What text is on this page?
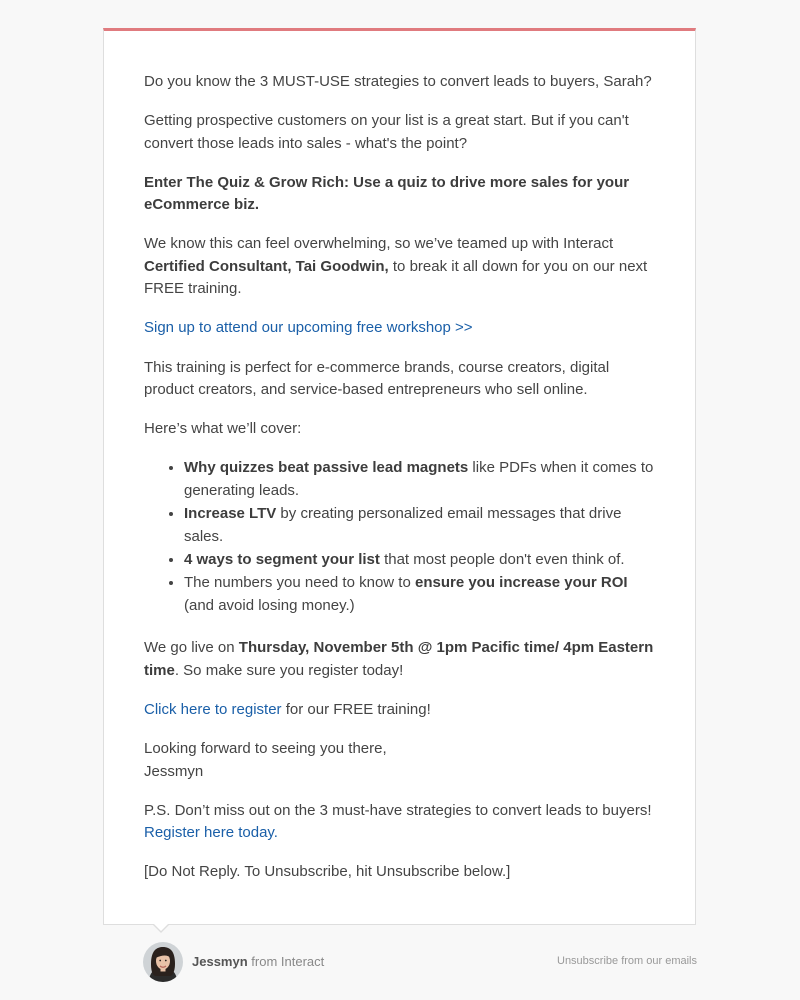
Do you know the 3 MUST-USE strategies to convert leads to buyers, Sarah?

Getting prospective customers on your list is a great start. But if you can't convert those leads into sales - what's the point?

Enter The Quiz & Grow Rich: Use a quiz to drive more sales for your eCommerce biz.

We know this can feel overwhelming, so we’ve teamed up with Interact Certified Consultant, Tai Goodwin, to break it all down for you on our next FREE training.

Sign up to attend our upcoming free workshop >>

This training is perfect for e-commerce brands, course creators, digital product creators, and service-based entrepreneurs who sell online.

Here’s what we’ll cover:

• Why quizzes beat passive lead magnets like PDFs when it comes to generating leads.
• Increase LTV by creating personalized email messages that drive sales.
• 4 ways to segment your list that most people don't even think of.
• The numbers you need to know to ensure you increase your ROI (and avoid losing money.)

We go live on Thursday, November 5th @ 1pm Pacific time/ 4pm Eastern time. So make sure you register today!

Click here to register for our FREE training!

Looking forward to seeing you there,
Jessmyn

P.S. Don’t miss out on the 3 must-have strategies to convert leads to buyers! Register here today.

[Do Not Reply. To Unsubscribe, hit Unsubscribe below.]

Jessmyn from Interact	Unsubscribe from our emails
